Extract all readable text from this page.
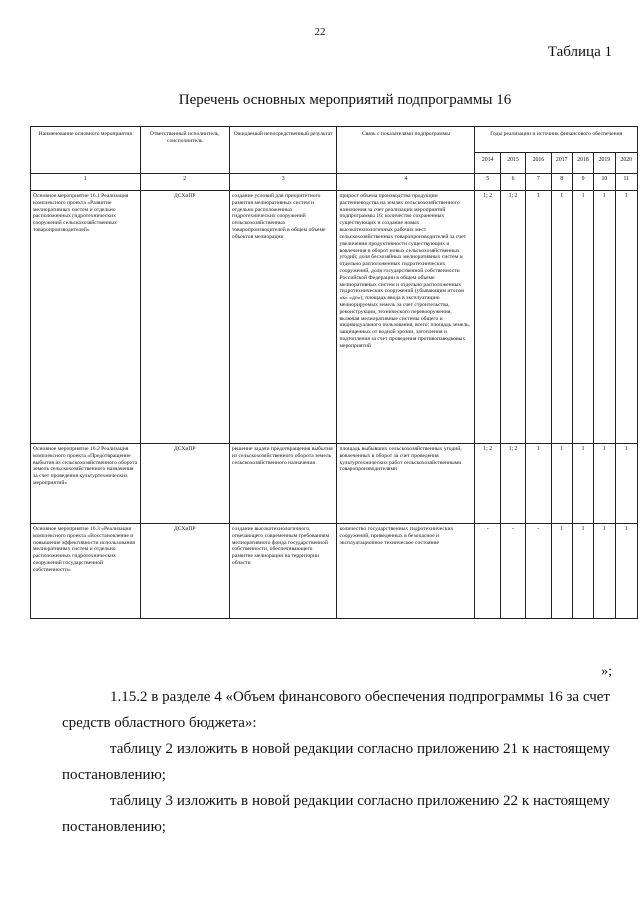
22
Таблица 1
Перечень основных мероприятий подпрограммы 16
Наименование основного мероприятия	Ответственный исполнитель, соисполнитель	Ожидаемый непосредственный результат	Связь с показателями подпрограммы	Годы реализации и источник финансового обеспечения						
				2014	2015	2016	2017	2018	2019	2020
1	2	3	4	5	6	7	8	9	10	11
Основное мероприятие 16.1 Реализация комплексного проекта «Развитие мелиоративных систем и отдельно расположенных гидротехнических сооружений сельскохозяйственных товаропроизводителей»	ДСХиПР	создание условий для приоритетного развития мелиоративных систем и отдельно расположенных гидротехнических сооружений сельскохозяйственных товаропроизводителей в общем объеме объектов мелиорации	прирост объема производства продукции растениеводства на землях сельскохозяйственного назначения за счет реализации мероприятий подпрограммы 16; количество сохраненных существующих и создание новых высокотехнологичных рабочих мест сельскохозяйственных товаропроизводителей за счет увеличения продуктивности существующих и вовлечения в оборот новых сельскохозяйственных угодий; доля бесхозяйных мелиоративных систем и отдельно расположенных гидротехнических сооружений, доля государственной собственности Российской Федерации в общем объеме мелиоративных систем и отдельно расположенных гидротехнических сооружений (убывающим итогом «к» «до»); площадь ввода в эксплуатацию мелиорируемых земель за счет строительства, реконструкции, технического перевооружения, включая мелиоративные системы общего и индивидуального пользования, всего; площадь земель, защищенных от водной эрозии, затопления и подтопления за счет проведения противопаводковых мероприятий	1; 2	1; 2	1	1	1	1	1
Основное мероприятие 16.2 Реализация комплексного проекта «Предотвращение выбытия из сельскохозяйственного оборота земель сельскохозяйственного назначения за счет проведения культуртехнических мероприятий»	ДСХиПР	решение задачи предотвращения выбытия из сельскохозяйственного оборота земель сельскохозяйственного назначения	площадь выбывших сельскохозяйственных угодий, вовлеченных в оборот за счет проведения культуртехнических работ сельскохозяйственными товаропроизводителями	1; 2	1; 2	1	1	1	1	1
Основное мероприятие 16.3 «Реализация комплексного проекта «Восстановление и повышение эффективности использования мелиоративных систем и отдельно расположенных гидротехнических сооружений государственной собственности»	ДСХиПР	создание высокотехнологичного, отвечающего современным требованиям мелиоративного фонда государственной собственности, обеспечивающего развитие мелиорации на территории области	количество государственных гидротехнических сооружений, приведенных в безопасное и эксплуатационное техническое состояние	-	-	-	1	1	1	1
»;
1.15.2 в разделе 4 «Объем финансового обеспечения подпрограммы 16 за счет средств областного бюджета»:
таблицу 2 изложить в новой редакции согласно приложению 21 к настоящему постановлению;
таблицу 3 изложить в новой редакции согласно приложению 22 к настоящему постановлению;
